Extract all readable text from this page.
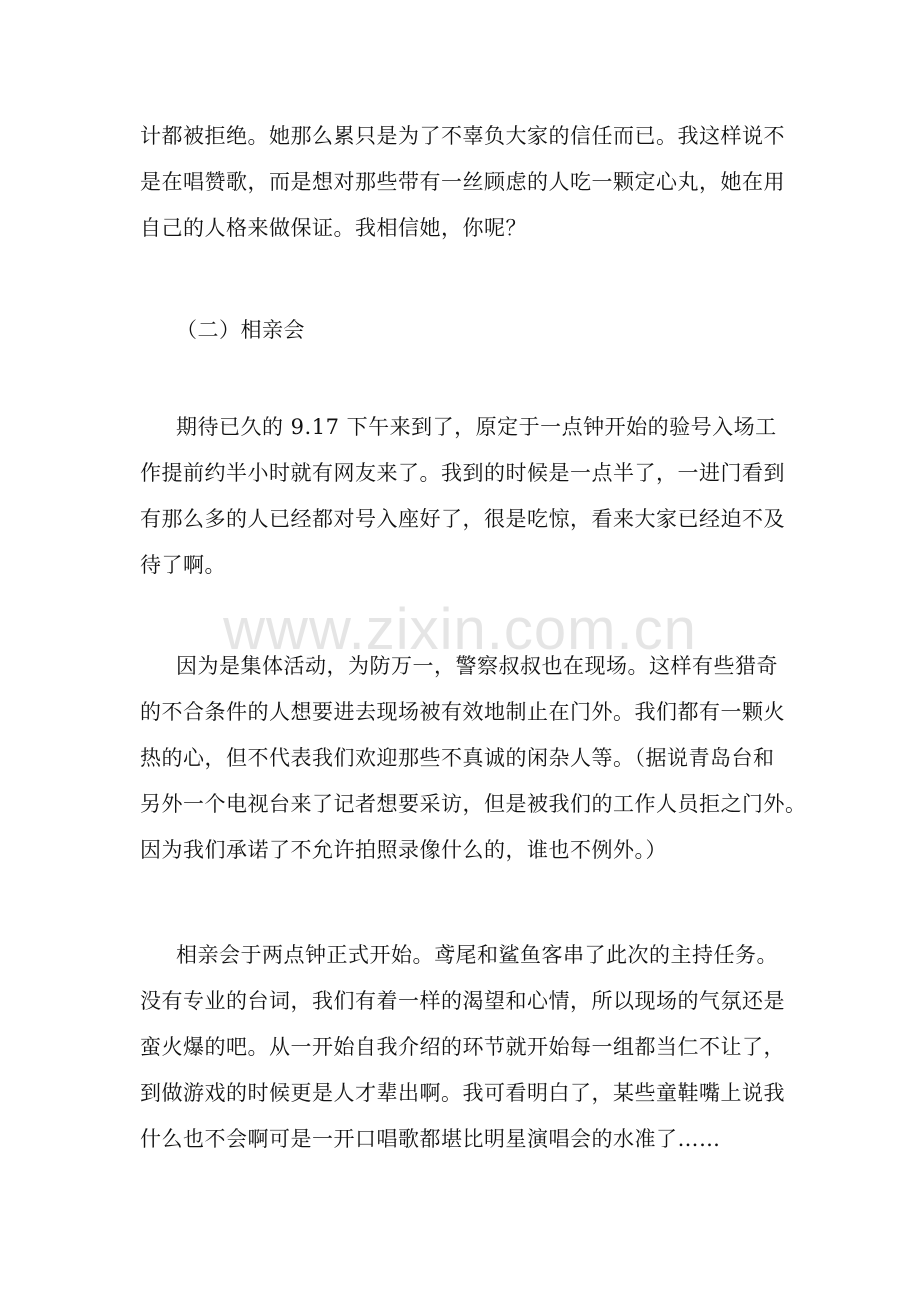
www.zixin.com.cn
计都被拒绝。她那么累只是为了不辜负大家的信任而已。我这样说不
是在唱赞歌，而是想对那些带有一丝顾虑的人吃一颗定心丸，她在用
自己的人格来做保证。我相信她，你呢？
（二）相亲会
期待已久的 9.17 下午来到了，原定于一点钟开始的验号入场工
作提前约半小时就有网友来了。我到的时候是一点半了，一进门看到
有那么多的人已经都对号入座好了，很是吃惊，看来大家已经迫不及
待了啊。
因为是集体活动，为防万一，警察叔叔也在现场。这样有些猎奇
的不合条件的人想要进去现场被有效地制止在门外。我们都有一颗火
热的心，但不代表我们欢迎那些不真诚的闲杂人等。（据说青岛台和
另外一个电视台来了记者想要采访，但是被我们的工作人员拒之门外。
因为我们承诺了不允许拍照录像什么的，谁也不例外。）
相亲会于两点钟正式开始。鸢尾和鲨鱼客串了此次的主持任务。
没有专业的台词，我们有着一样的渴望和心情，所以现场的气氛还是
蛮火爆的吧。从一开始自我介绍的环节就开始每一组都当仁不让了，
到做游戏的时候更是人才辈出啊。我可看明白了，某些童鞋嘴上说我
什么也不会啊可是一开口唱歌都堪比明星演唱会的水准了……
